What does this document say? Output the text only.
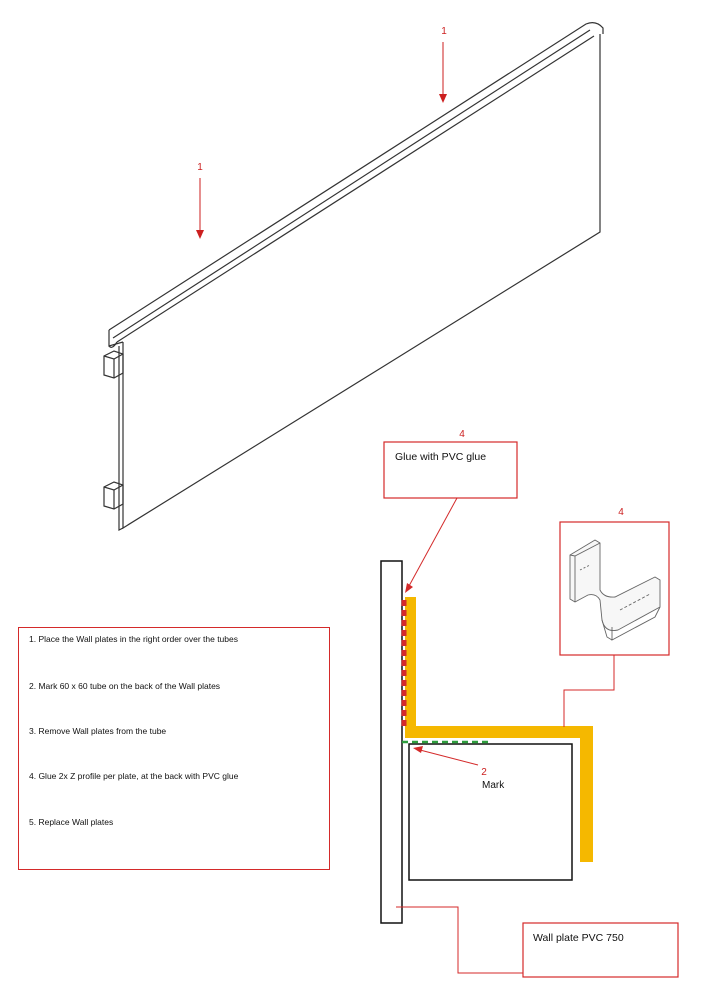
1
1
4
Glue with PVC glue
2
Mark
4
Wall plate PVC 750
1. Place the Wall plates in the right order over the tubes
2. Mark 60 x 60 tube on the back of the Wall plates
3. Remove Wall plates from the tube
4. Glue 2x Z profile per plate, at the back with PVC glue
5. Replace Wall plates
